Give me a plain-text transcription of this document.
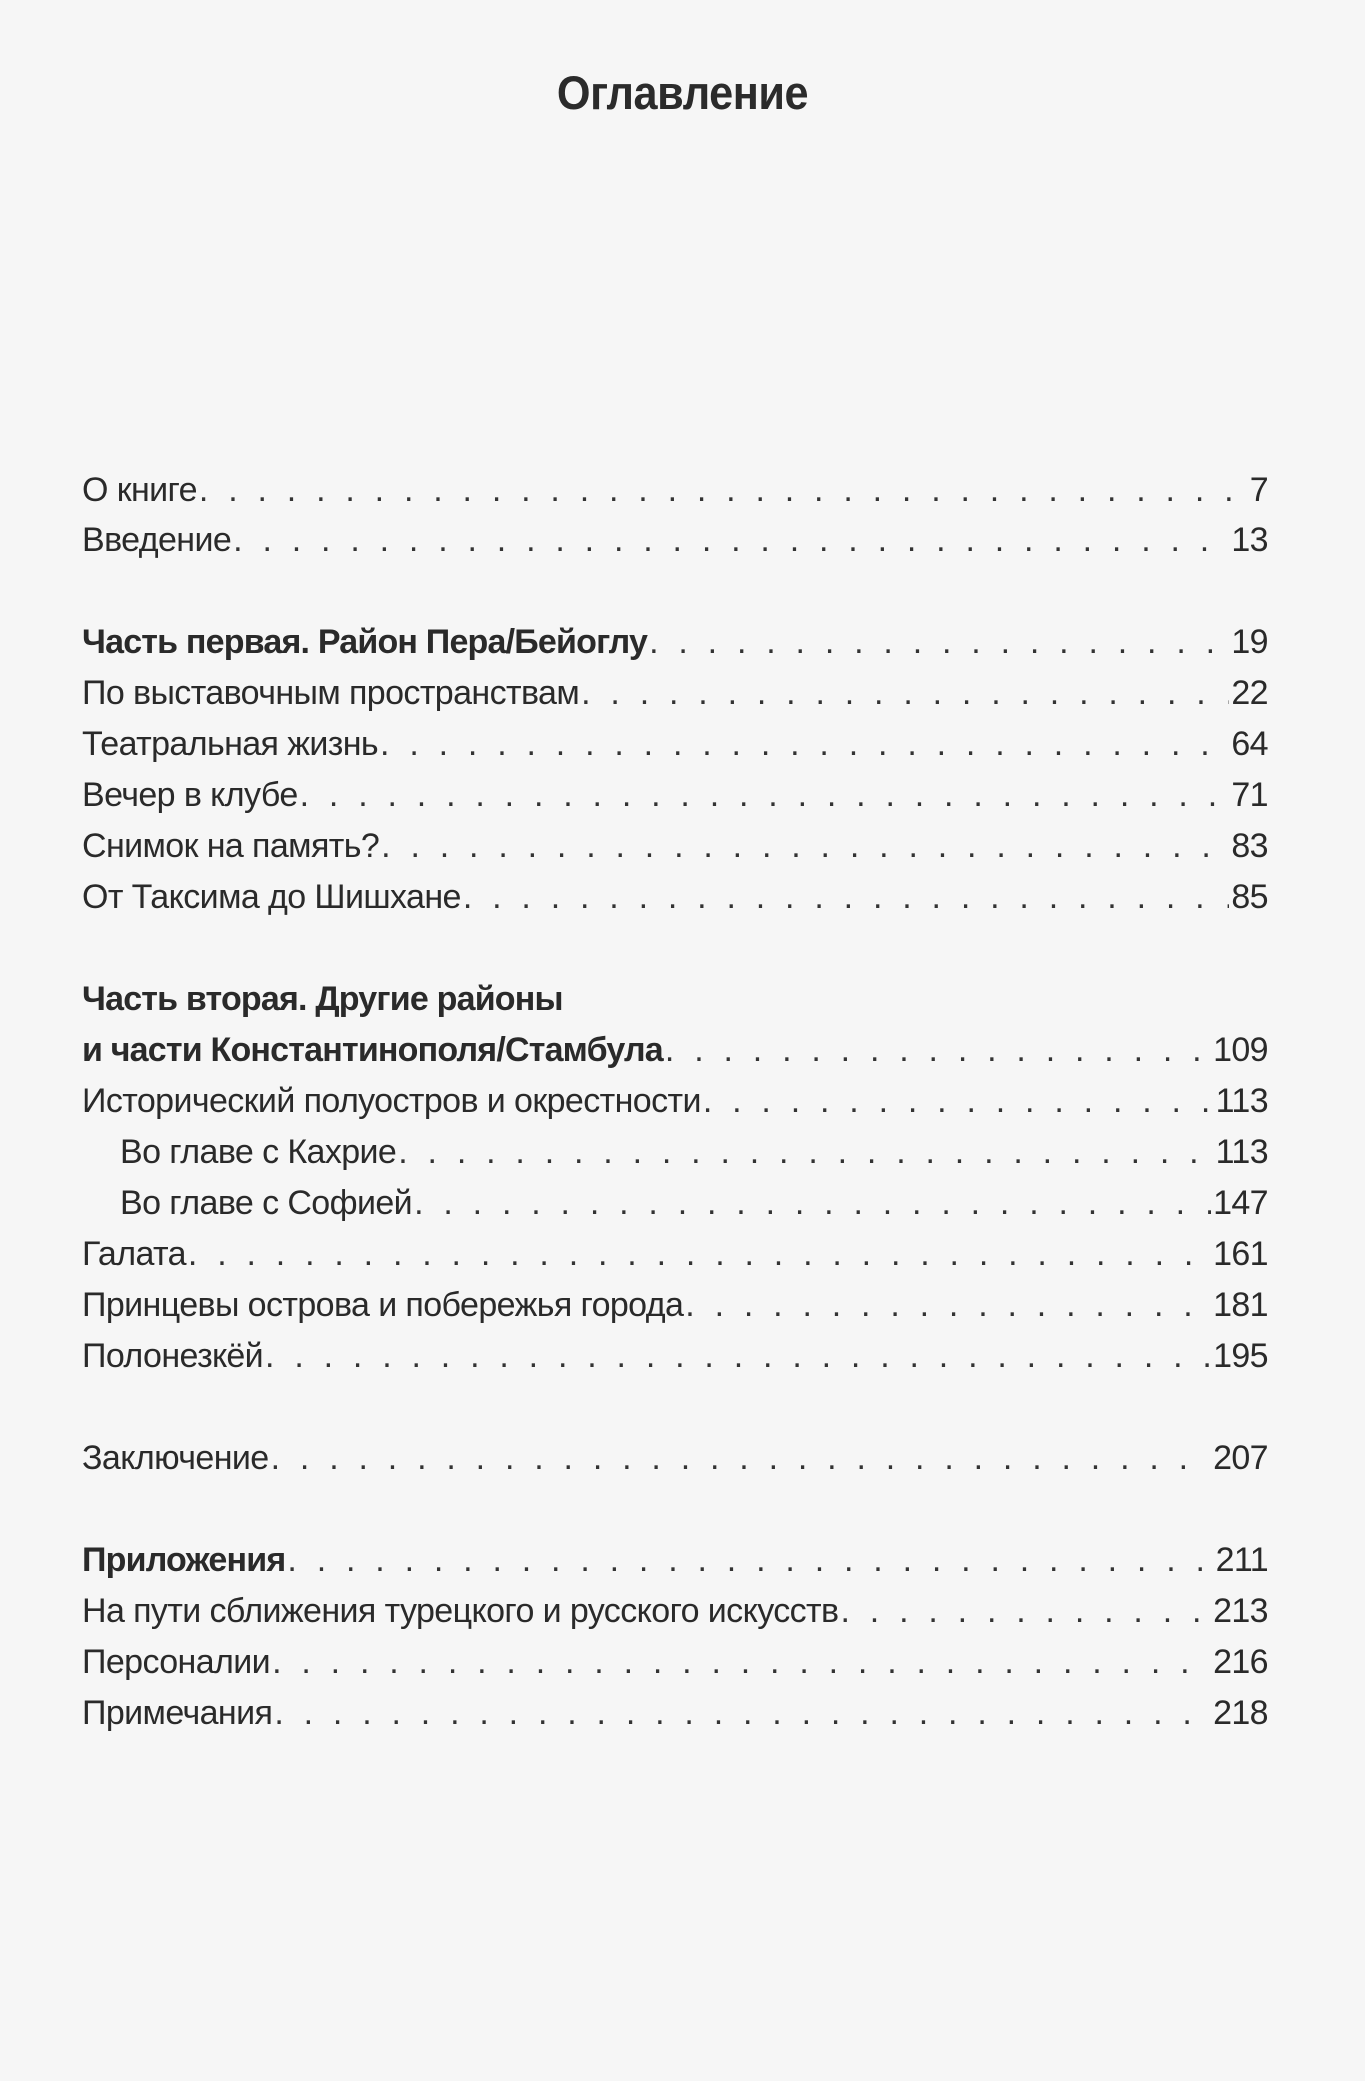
Оглавление
О книге . . .	7
Введение . . .	13
Часть первая. Район Пера/Бейоглу . . .	19
По выставочным пространствам . . .	22
Театральная жизнь . . .	64
Вечер в клубе . . .	71
Снимок на память? . . .	83
От Таксима до Шишхане . . .	85
Часть вторая. Другие районы
и части Константинополя/Стамбула . . .	109
Исторический полуостров и окрестности . . .	113
Во главе с Кахрие . . .	113
Во главе с Софией . . .	147
Галата . . .	161
Принцевы острова и побережья города . . .	181
Полонезкёй . . .	195
Заключение . . .	207
Приложения . . .	211
На пути сближения турецкого и русского искусств . . .	213
Персоналии . . .	216
Примечания . . .	218
